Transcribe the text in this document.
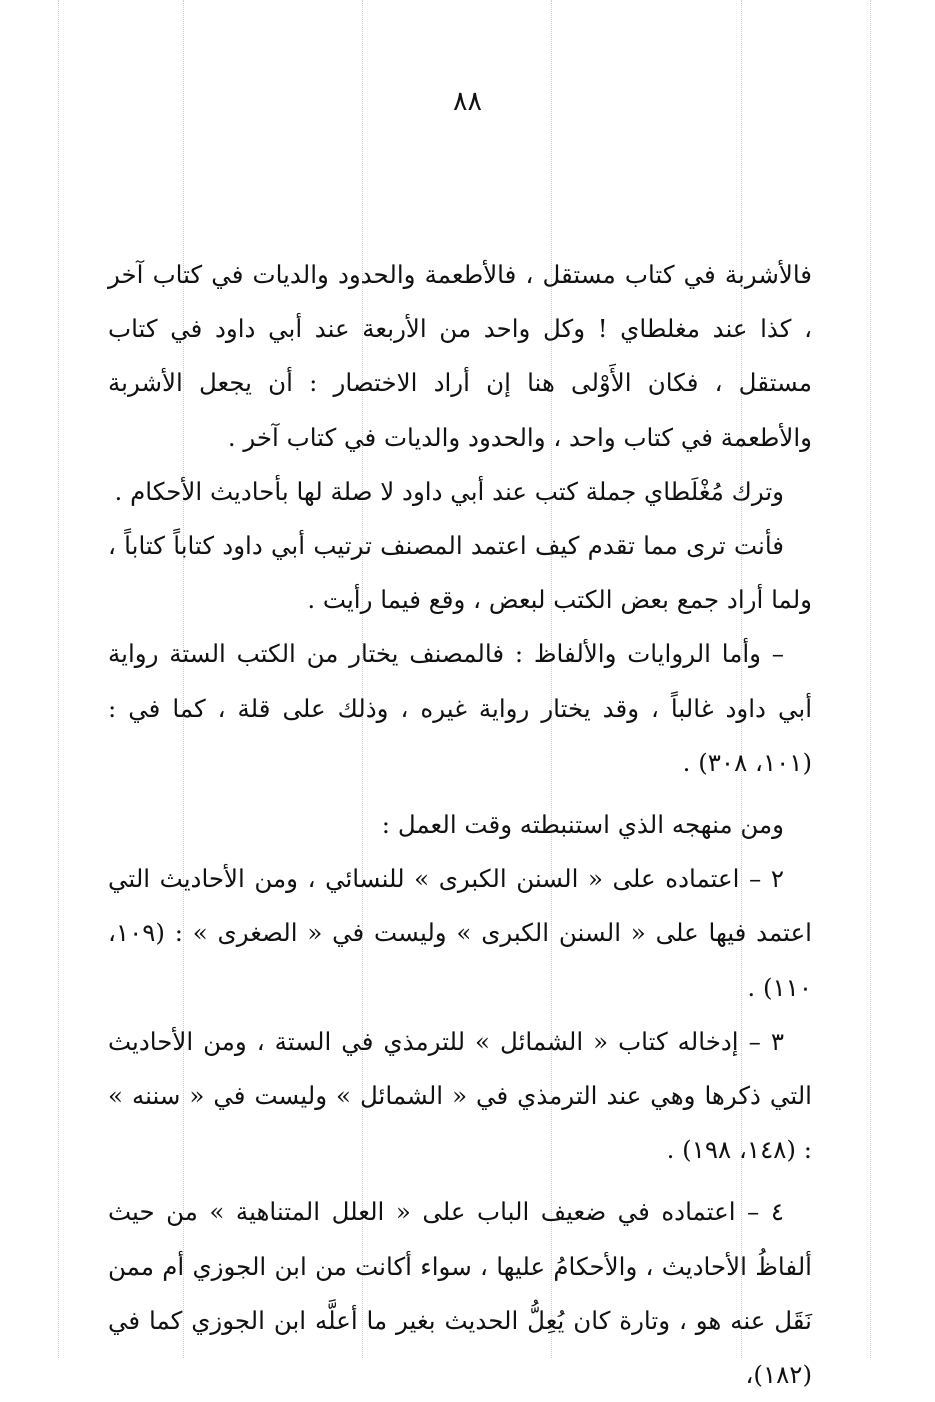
٨٨

فالأشربة في كتاب مستقل ، فالأطعمة والحدود والديات في كتاب آخر ، كذا عند مغلطاي ! وكل واحد من الأربعة عند أبي داود في كتاب مستقل ، فكان الأَوْلى هنا إن أراد الاختصار : أن يجعل الأشربة والأطعمة في كتاب واحد ، والحدود والديات في كتاب آخر .

وترك مُغْلَطاي جملة كتب عند أبي داود لا صلة لها بأحاديث الأحكام .

فأنت ترى مما تقدم كيف اعتمد المصنف ترتيب أبي داود كتاباً كتاباً ، ولما أراد جمع بعض الكتب لبعض ، وقع فيما رأيت .

– وأما الروايات والألفاظ : فالمصنف يختار من الكتب الستة رواية أبي داود غالباً ، وقد يختار رواية غيره ، وذلك على قلة ، كما في : (١٠١، ٣٠٨) .

ومن منهجه الذي استنبطته وقت العمل :

٢ – اعتماده على « السنن الكبرى » للنسائي ، ومن الأحاديث التي اعتمد فيها على « السنن الكبرى » وليست في « الصغرى » : (١٠٩، ١١٠) .

٣ – إدخاله كتاب « الشمائل » للترمذي في الستة ، ومن الأحاديث التي ذكرها وهي عند الترمذي في « الشمائل » وليست في « سننه » : (١٤٨، ١٩٨) .

٤ – اعتماده في ضعيف الباب على « العلل المتناهية » من حيث ألفاظُ الأحاديث ، والأحكامُ عليها ، سواء أكانت من ابن الجوزي أم ممن نَقَل عنه هو ، وتارة كان يُعِلُّ الحديث بغير ما أعلَّه ابن الجوزي كما في (١٨٢)،
